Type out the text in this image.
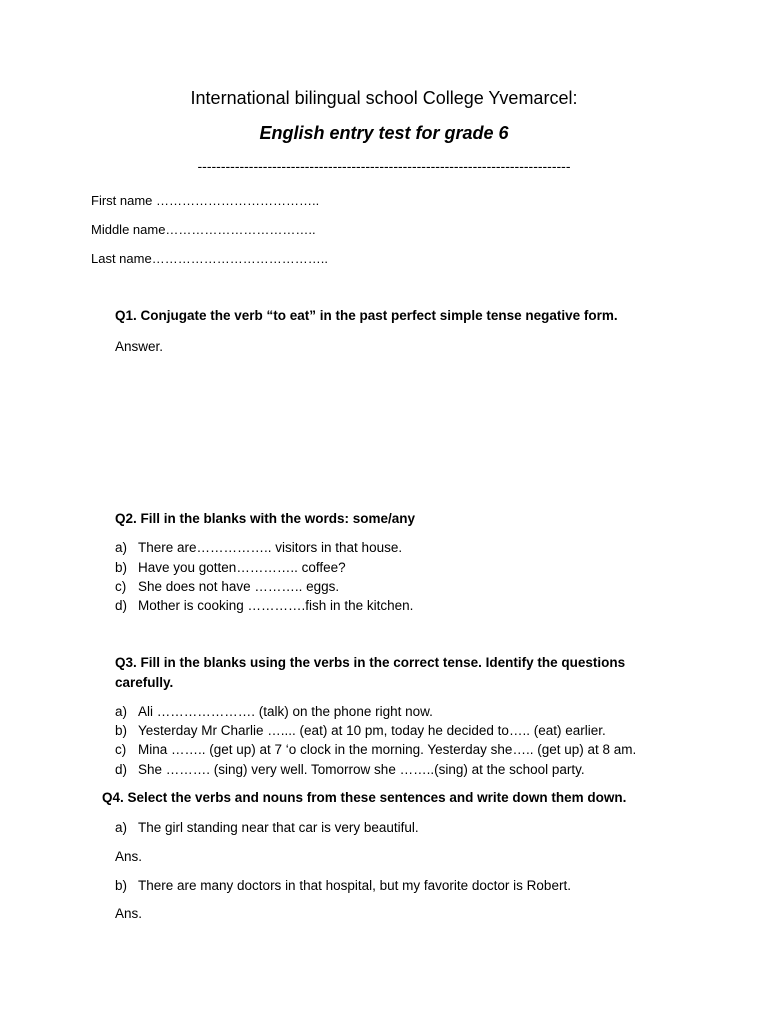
International bilingual school College Yvemarcel:
English entry test for grade 6
--------------------------------------------------------------------------------
First name ………………………………..
Middle name……………………………..
Last name…………………………………..
Q1. Conjugate the verb “to eat” in the past perfect simple tense negative form.
Answer.
Q2. Fill in the blanks with the words: some/any
a) There are…………….. visitors in that house.
b) Have you gotten………….. coffee?
c) She does not have ……….. eggs.
d) Mother is cooking ………….fish in the kitchen.
Q3. Fill in the blanks using the verbs in the correct tense. Identify the questions
carefully.
a) Ali …………………. (talk) on the phone right now.
b) Yesterday Mr Charlie ….... (eat) at 10 pm, today he decided to….. (eat) earlier.
c) Mina …….. (get up) at 7 ‘o clock in the morning. Yesterday she….. (get up) at 8 am.
d) She ………. (sing) very well. Tomorrow she ……..(sing) at the school party.
Q4. Select the verbs and nouns from these sentences and write down them down.
a) The girl standing near that car is very beautiful.
Ans.
b) There are many doctors in that hospital, but my favorite doctor is Robert.
Ans.
